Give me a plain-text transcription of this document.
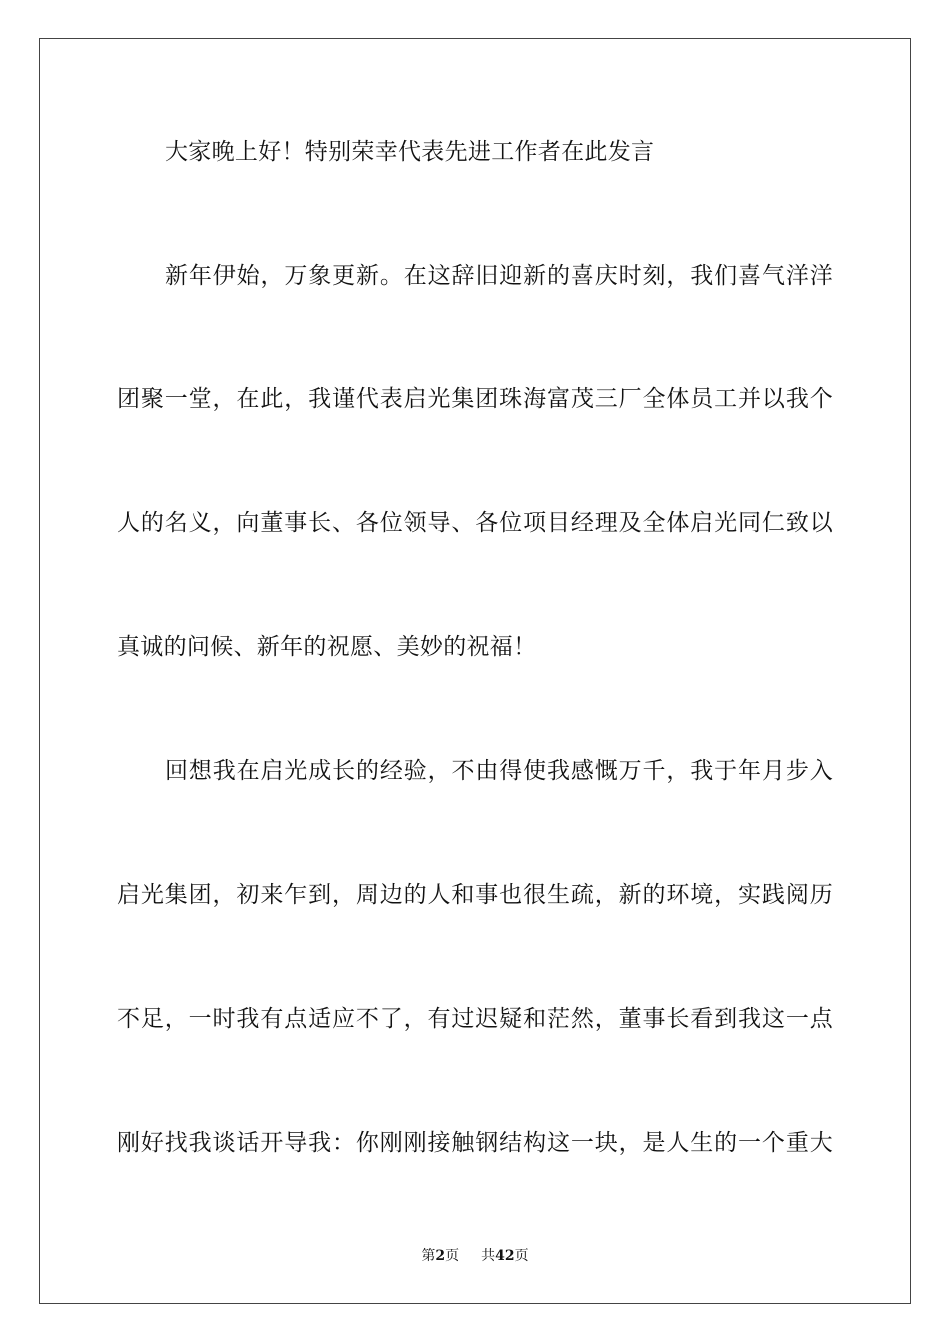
大家晚上好！特别荣幸代表先进工作者在此发言
新年伊始，万象更新。在这辞旧迎新的喜庆时刻，我们喜气洋洋
团聚一堂，在此，我谨代表启光集团珠海富茂三厂全体员工并以我个
人的名义，向董事长、各位领导、各位项目经理及全体启光同仁致以
真诚的问候、新年的祝愿、美妙的祝福！
回想我在启光成长的经验，不由得使我感慨万千，我于年月步入
启光集团，初来乍到，周边的人和事也很生疏，新的环境，实践阅历
不足，一时我有点适应不了，有过迟疑和茫然，董事长看到我这一点
刚好找我谈话开导我：你刚刚接触钢结构这一块，是人生的一个重大
第2页 共42页
